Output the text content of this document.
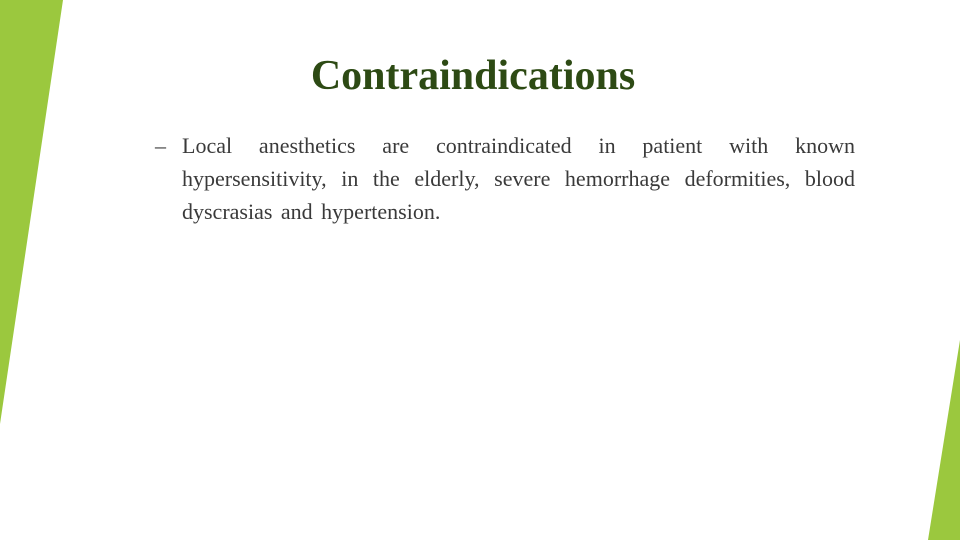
Contraindications
– Local anesthetics are contraindicated in patient with known hypersensitivity, in the elderly, severe hemorrhage deformities, blood dyscrasias and hypertension.
